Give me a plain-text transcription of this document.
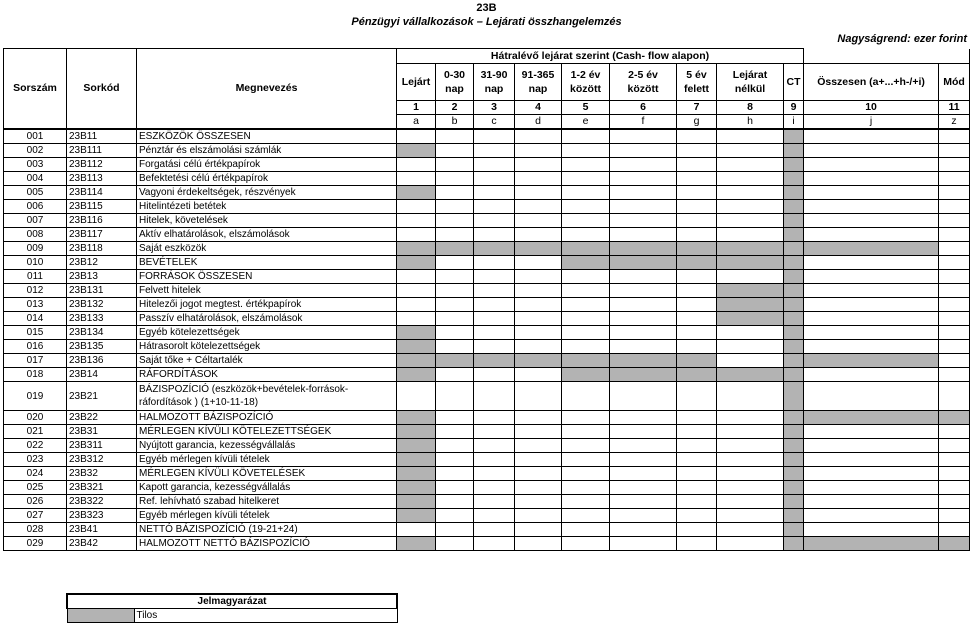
23B
Pénzügyi vállalkozások – Lejárati összhangelemzés
Nagyságrend: ezer forint
Sorszám	Sorkód	Megnevezés	Hátralévő lejárat szerint (Cash- flow alapon)										
			Lejárt	0-30 nap	31-90 nap	91-365 nap	1-2 év között	2-5 év között	5 év felett	Lejárat nélkül	CT	Összesen (a+...+h-/+i)	Mód
			1	2	3	4	5	6	7	8	9	10	11
			a	b	c	d	e	f	g	h	i	j	z
001	23B11	ESZKÖZÖK ÖSSZESEN											
002	23B111	Pénztár és elszámolási számlák											
003	23B112	Forgatási célú értékpapírok											
004	23B113	Befektetési célú értékpapírok											
005	23B114	Vagyoni érdekeltségek, részvények											
006	23B115	Hitelintézeti betétek											
007	23B116	Hitelek, követelések											
008	23B117	Aktív elhatárolások, elszámolások											
009	23B118	Saját eszközök											
010	23B12	BEVÉTELEK											
011	23B13	FORRÁSOK ÖSSZESEN											
012	23B131	Felvett hitelek											
013	23B132	Hitelezői jogot megtest. értékpapírok											
014	23B133	Passzív elhatárolások, elszámolások											
015	23B134	Egyéb kötelezettségek											
016	23B135	Hátrasorolt kötelezettségek											
017	23B136	Saját tőke + Céltartalék											
018	23B14	RÁFORDÍTÁSOK											
019	23B21	BÁZISPOZÍCIÓ (eszközök+bevételek-források-ráfordítások ) (1+10-11-18)											
020	23B22	HALMOZOTT BÁZISPOZÍCIÓ											
021	23B31	MÉRLEGEN KÍVÜLI KÖTELEZETTSÉGEK											
022	23B311	Nyújtott garancia, kezességvállalás											
023	23B312	Egyéb mérlegen kívüli tételek											
024	23B32	MÉRLEGEN KÍVÜLI KÖVETELÉSEK											
025	23B321	Kapott garancia, kezességvállalás											
026	23B322	Ref. lehívható szabad hitelkeret											
027	23B323	Egyéb mérlegen kívüli tételek											
028	23B41	NETTÓ BÁZISPOZÍCIÓ (19-21+24)											
029	23B42	HALMOZOTT NETTÓ BÁZISPOZÍCIÓ											
Jelmagyarázat
	Tilos
